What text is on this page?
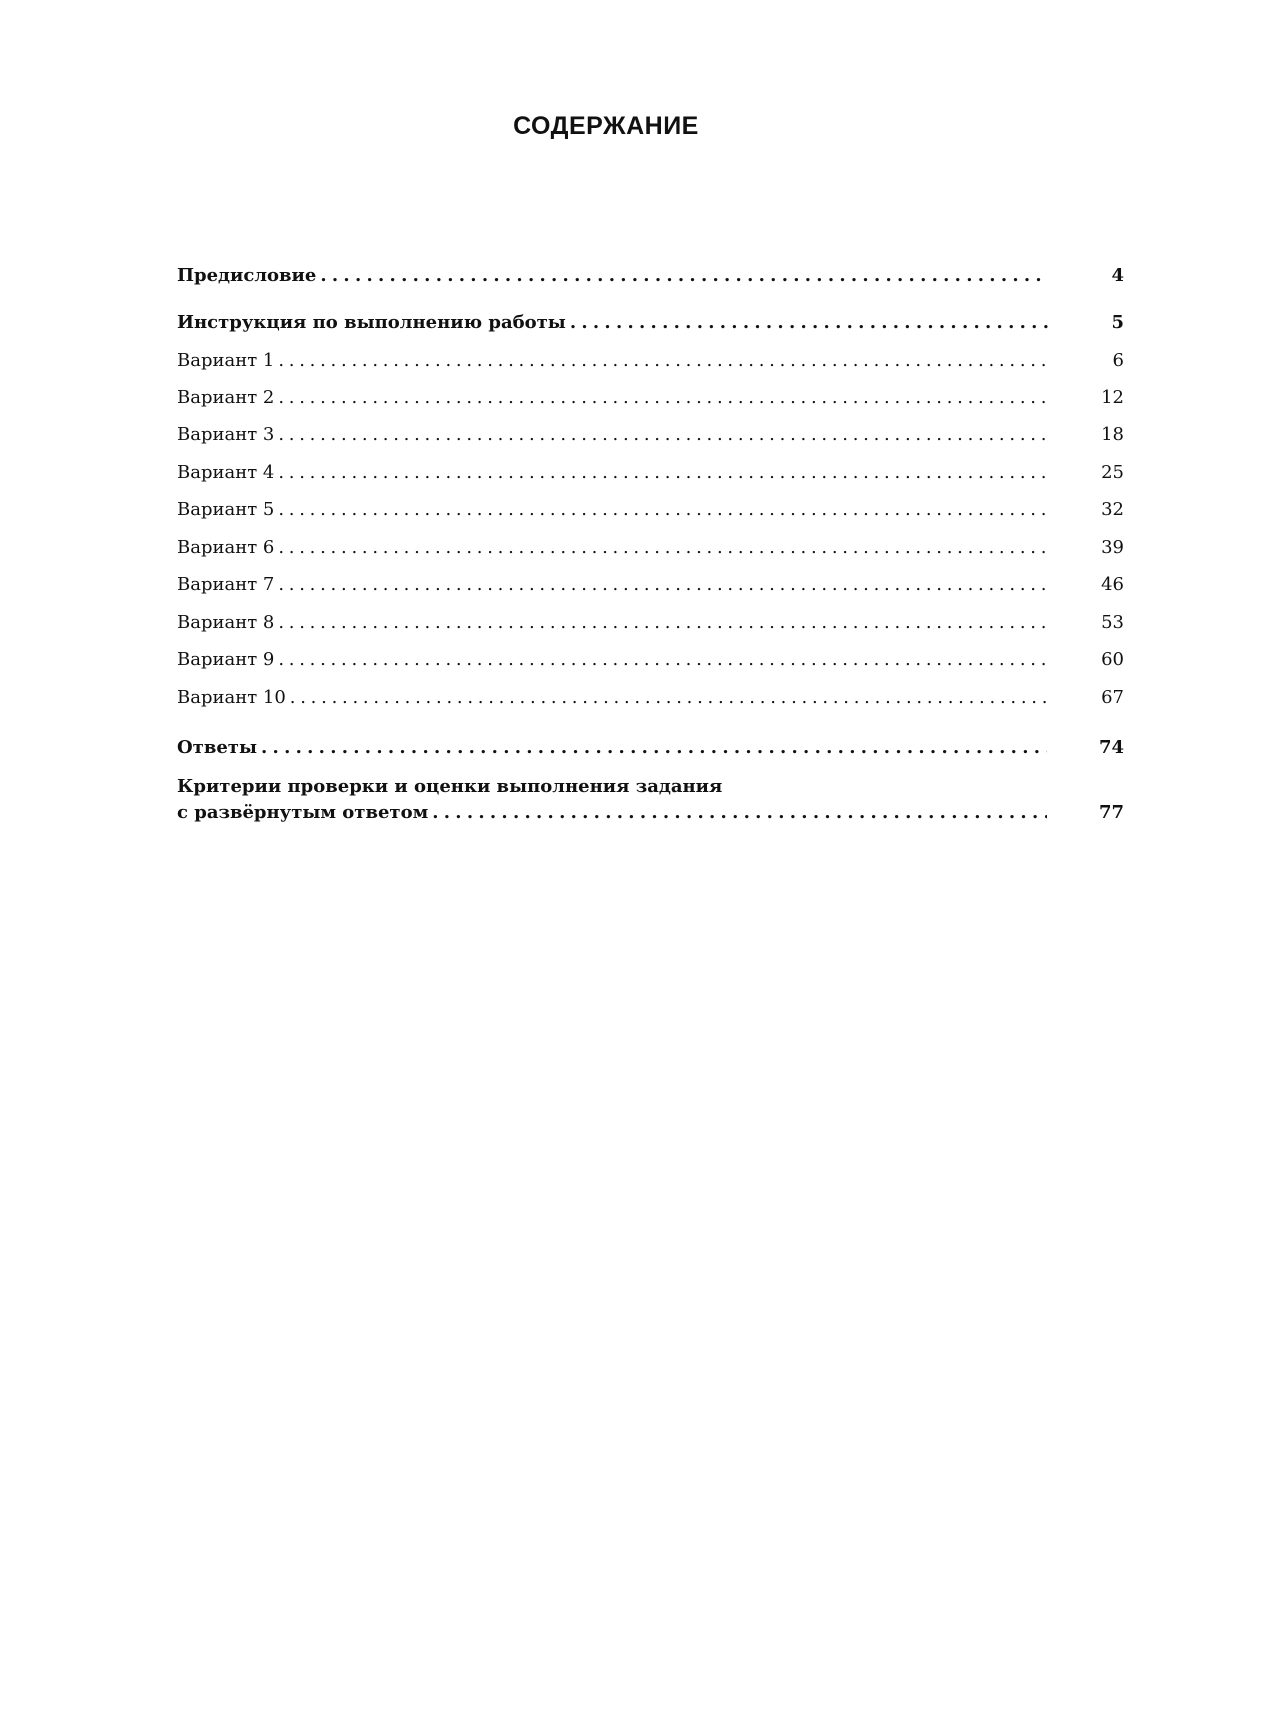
СОДЕРЖАНИЕ
Предисловие . . .	4
Инструкция по выполнению работы . . .	5
Вариант 1 . . .	6
Вариант 2 . . .	12
Вариант 3 . . .	18
Вариант 4 . . .	25
Вариант 5 . . .	32
Вариант 6 . . .	39
Вариант 7 . . .	46
Вариант 8 . . .	53
Вариант 9 . . .	60
Вариант 10 . . .	67
Ответы . . .	74
Критерии проверки и оценки выполнения задания
с развёрнутым ответом . . .	77
